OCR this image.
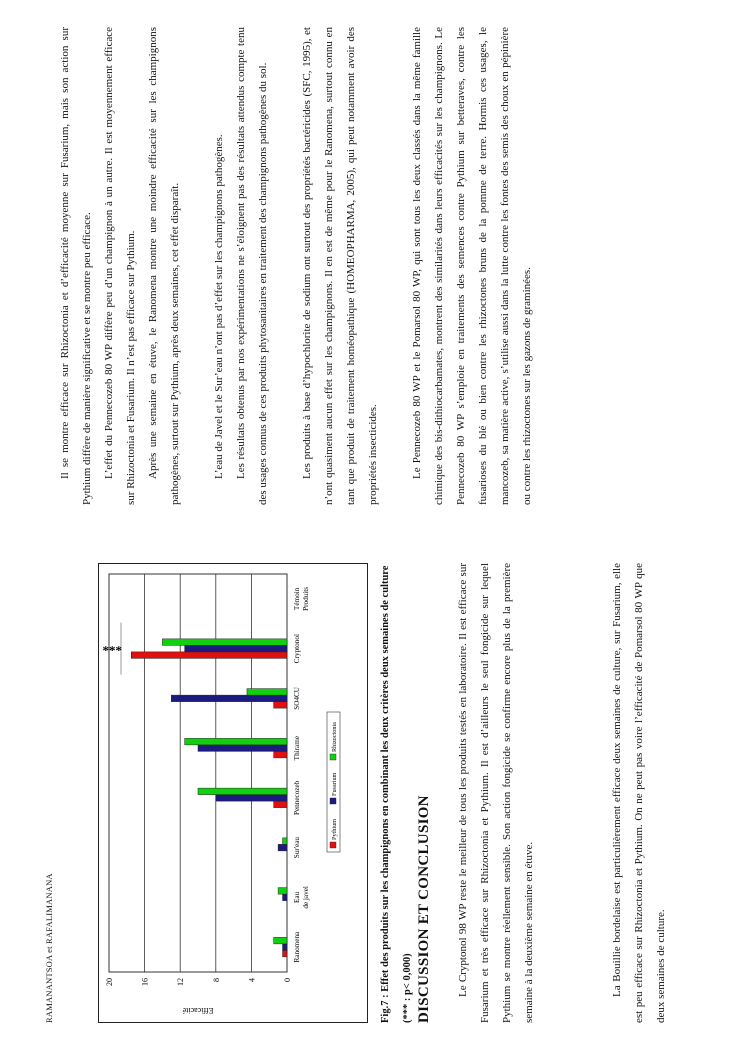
RAMANANTSOA et RAFALIMANANA	0
4
8
12
16
20
Efficacité
Ranomena
Eau de javel
Sur'eau
Pennecozeb
Thirame
SO4CU
Cryptonol
Témoin Produits
***
Pythium
Fusarium
Rhizoctonia	Fig.7 : Effet des produits sur les champignons en combinant les deux critères deux semaines de culture (*** : p< 0,000) DISCUSSION ET CONCLUSION	Le Cryptonol 98 WP reste le meilleur de tous les produits testés en laboratoire. Il est efficace sur Fusarium et très efficace sur Rhizoctonia et Pythium. Il est d’ailleurs le seul fongicide sur lequel Pythium se montre réellement sensible. Son action fongicide se confirme encore plus de la première semaine à la deuxième semaine en étuve.	La Bouillie bordelaise est particulièrement efficace deux semaines de culture, sur Fusarium, elle est peu efficace sur Rhizoctonia et Pythium. On ne peut pas voire l’efficacité de Pomarsol 80 WP que deux semaines de culture.

Il se montre efficace sur Rhizoctonia et d’efficacité moyenne sur Fusarium, mais son action sur Pythium diffère de manière significative et se montre peu efficace. L’effet du Pennecozeb 80 WP diffère peu d’un champignon à un autre. Il est moyennement efficace sur Rhizoctonia et Fusarium. Il n’est pas efficace sur Pythium. Après une semaine en étuve, le Ranomena montre une moindre efficacité sur les champignons pathogènes, surtout sur Pythium, après deux semaines, cet effet disparaît.	L’eau de Javel et le Sur’eau n’ont pas d’effet sur les champignons pathogènes. Les résultats obtenus par nos expérimentations ne s’éloignent pas des résultats attendus compte tenu des usages connus de ces produits phytosanitaires en traitement des champignons pathogènes du sol.	Les produits à base d’hypochlorite de sodium ont surtout des propriétés bactéricides (SFC, 1995), et n’ont quasiment aucun effet sur les champignons. Il en est de même pour le Ranomena, surtout connu en tant que produit de traitement homéopathique (HOMEOPHARMA, 2005), qui peut notamment avoir des propriétés insecticides.	Le Pennecozeb 80 WP et le Pomarsol 80 WP, qui sont tous les deux classés dans la même famille chimique des bis-dithiocarbamates, montrent des similarités dans leurs efficacités sur les champignons. Le Pennecozeb 80 WP s’emploie en traitements des semences contre Pythium sur betteraves, contre les fusarioses du blé ou bien contre les rhizoctones bruns de la pomme de terre. Hormis ces usages, le mancozeb, sa matière active, s’utilise aussi dans la lutte contre les fontes des semis des choux en pépinière ou contre les rhizoctones sur les gazons de graminées.
